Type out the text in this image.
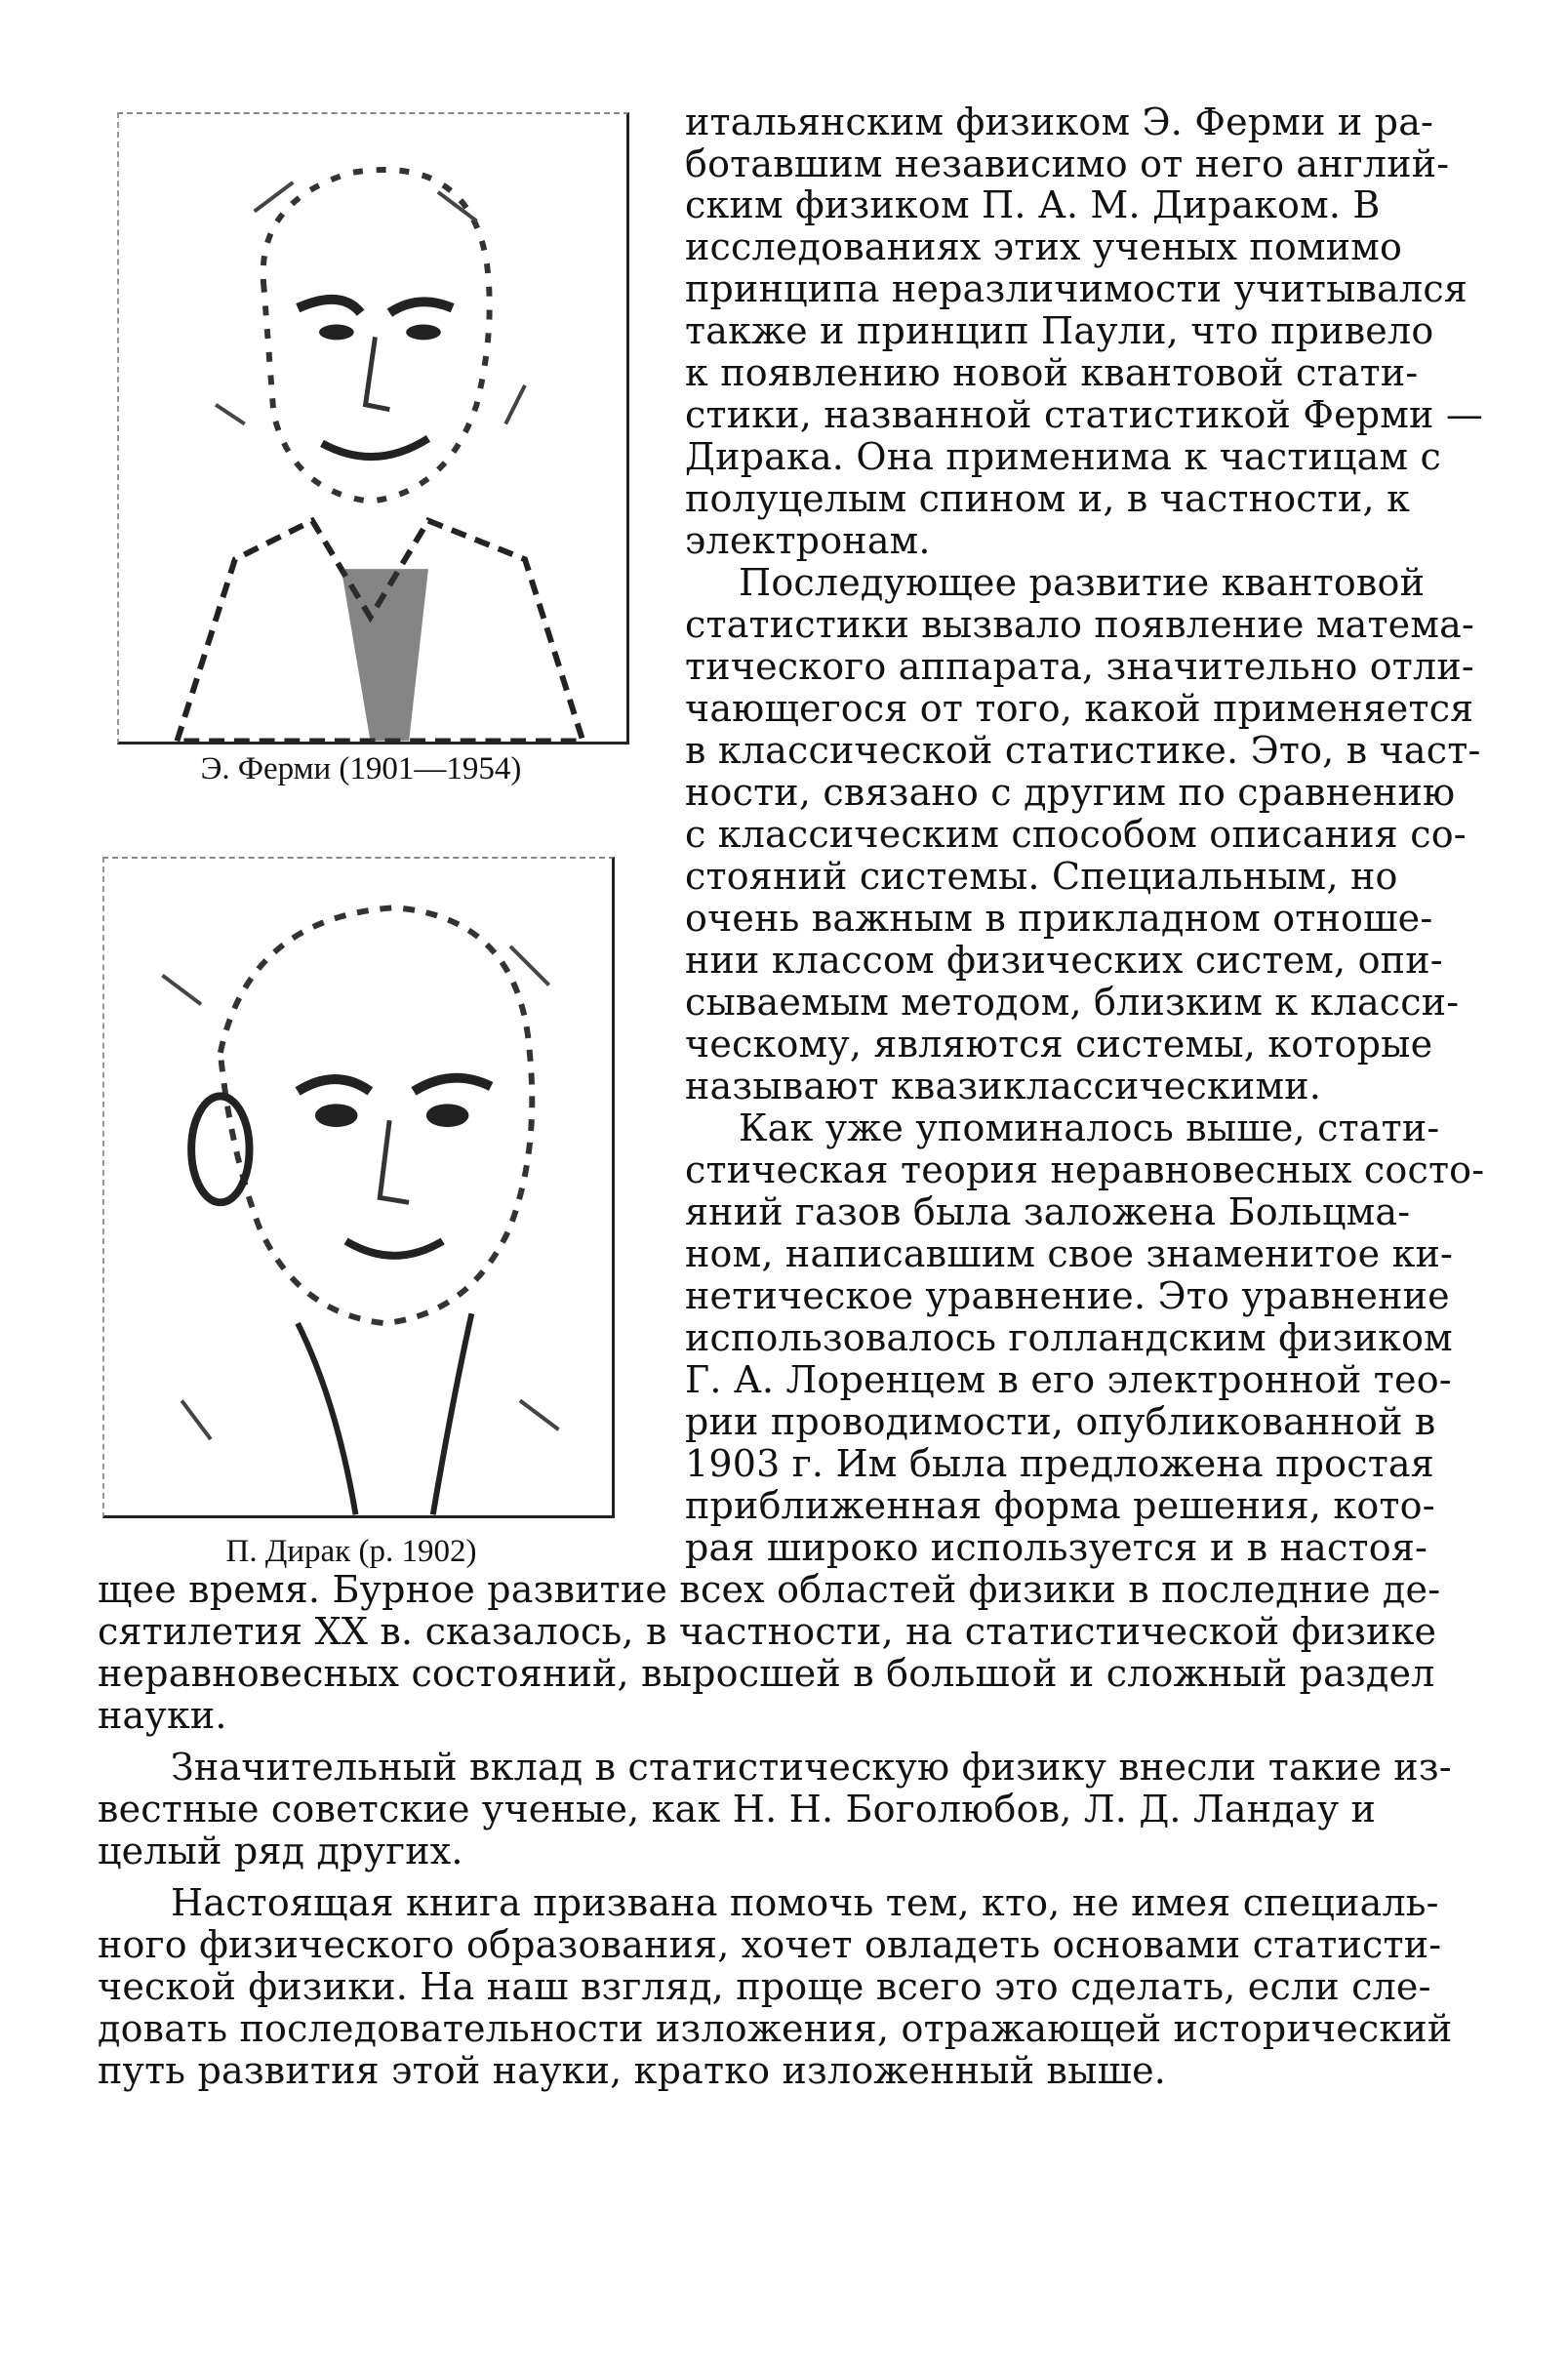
Э. Ферми (1901—1954)
П. Дирак (р. 1902)
итальянским физиком Э. Ферми и ра-
ботавшим независимо от него англий-
ским физиком П. А. М. Дираком. В
исследованиях этих ученых помимо
принципа неразличимости учитывался
также и принцип Паули, что привело
к появлению новой квантовой стати-
стики, названной статистикой Ферми —
Дирака. Она применима к частицам с
полуцелым спином и, в частности, к
электронам.
Последующее развитие квантовой
статистики вызвало появление матема-
тического аппарата, значительно отли-
чающегося от того, какой применяется
в классической статистике. Это, в част-
ности, связано с другим по сравнению
с классическим способом описания со-
стояний системы. Специальным, но
очень важным в прикладном отноше-
нии классом физических систем, опи-
сываемым методом, близким к класси-
ческому, являются системы, которые
называют квазиклассическими.
Как уже упоминалось выше, стати-
стическая теория неравновесных состо-
яний газов была заложена Больцма-
ном, написавшим свое знаменитое ки-
нетическое уравнение. Это уравнение
использовалось голландским физиком
Г. А. Лоренцем в его электронной тео-
рии проводимости, опубликованной в
1903 г. Им была предложена простая
приближенная форма решения, кото-
рая широко используется и в настоя-
щее время. Бурное развитие всех областей физики в последние де-
сятилетия XX в. сказалось, в частности, на статистической физике
неравновесных состояний, выросшей в большой и сложный раздел
науки.
Значительный вклад в статистическую физику внесли такие из-
вестные советские ученые, как Н. Н. Боголюбов, Л. Д. Ландау и
целый ряд других.
Настоящая книга призвана помочь тем, кто, не имея специаль-
ного физического образования, хочет овладеть основами статисти-
ческой физики. На наш взгляд, проще всего это сделать, если сле-
довать последовательности изложения, отражающей исторический
путь развития этой науки, кратко изложенный выше.
